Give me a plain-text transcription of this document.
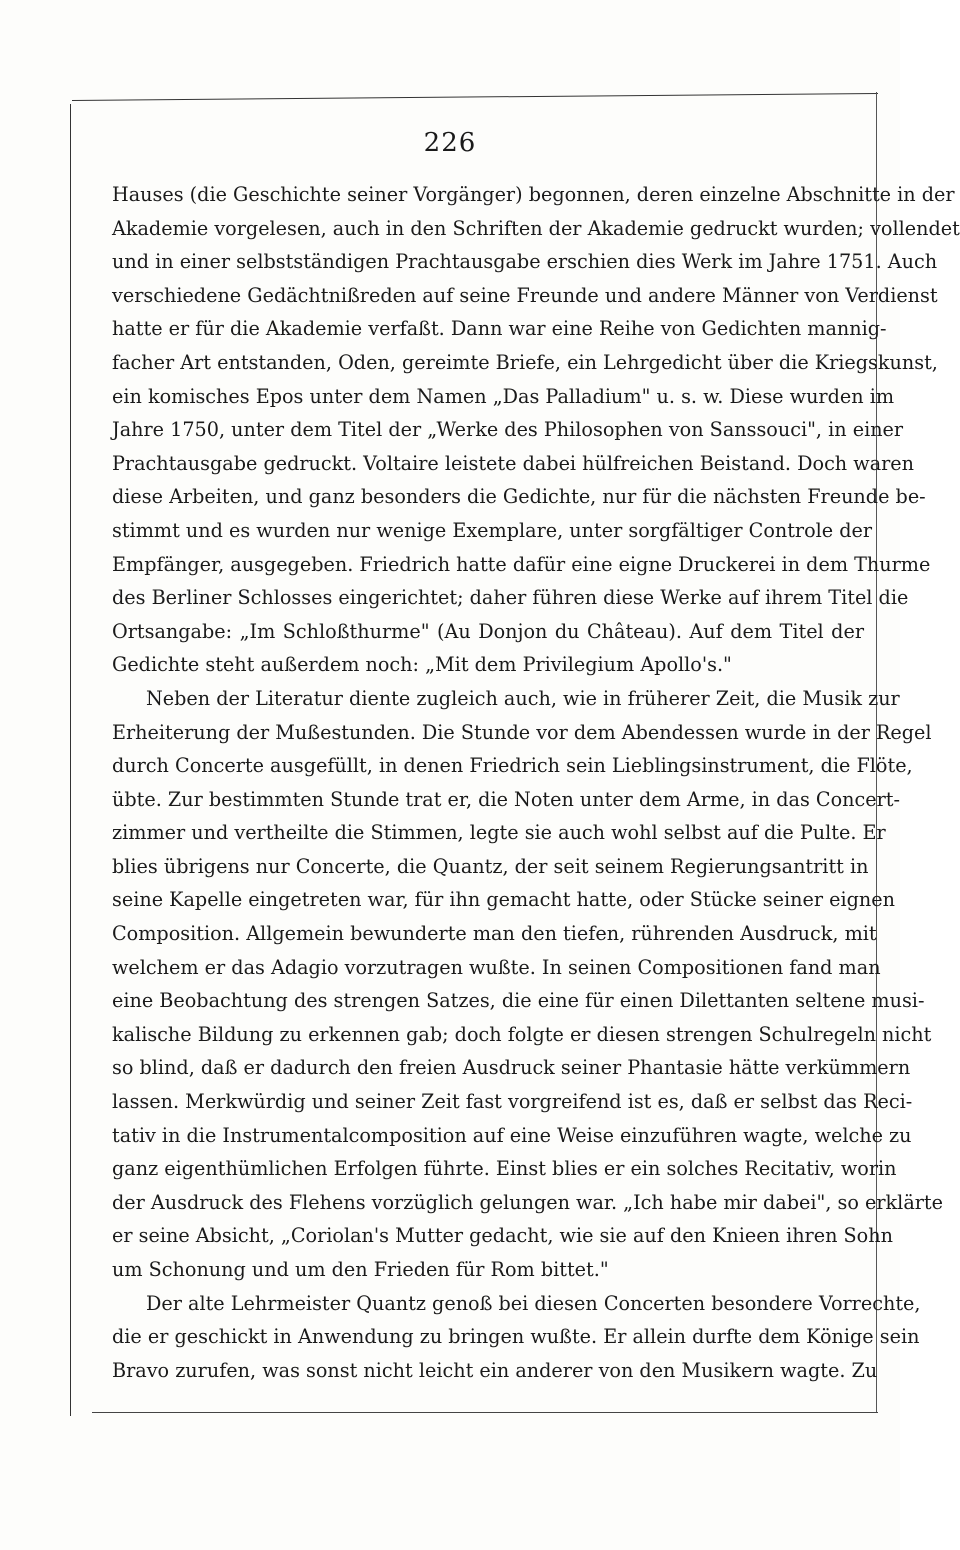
226
Hauses (die Geschichte seiner Vorgänger) begonnen, deren einzelne Abschnitte in der
Akademie vorgelesen, auch in den Schriften der Akademie gedruckt wurden; vollendet
und in einer selbstständigen Prachtausgabe erschien dies Werk im Jahre 1751. Auch
verschiedene Gedächtnißreden auf seine Freunde und andere Männer von Verdienst
hatte er für die Akademie verfaßt. Dann war eine Reihe von Gedichten mannig-
facher Art entstanden, Oden, gereimte Briefe, ein Lehrgedicht über die Kriegskunst,
ein komisches Epos unter dem Namen „Das Palladium" u. s. w. Diese wurden im
Jahre 1750, unter dem Titel der „Werke des Philosophen von Sanssouci", in einer
Prachtausgabe gedruckt. Voltaire leistete dabei hülfreichen Beistand. Doch waren
diese Arbeiten, und ganz besonders die Gedichte, nur für die nächsten Freunde be-
stimmt und es wurden nur wenige Exemplare, unter sorgfältiger Controle der
Empfänger, ausgegeben. Friedrich hatte dafür eine eigne Druckerei in dem Thurme
des Berliner Schlosses eingerichtet; daher führen diese Werke auf ihrem Titel die
Ortsangabe: „Im Schloßthurme" (Au Donjon du Château). Auf dem Titel der
Gedichte steht außerdem noch: „Mit dem Privilegium Apollo's."
Neben der Literatur diente zugleich auch, wie in früherer Zeit, die Musik zur
Erheiterung der Mußestunden. Die Stunde vor dem Abendessen wurde in der Regel
durch Concerte ausgefüllt, in denen Friedrich sein Lieblingsinstrument, die Flöte,
übte. Zur bestimmten Stunde trat er, die Noten unter dem Arme, in das Concert-
zimmer und vertheilte die Stimmen, legte sie auch wohl selbst auf die Pulte. Er
blies übrigens nur Concerte, die Quantz, der seit seinem Regierungsantritt in
seine Kapelle eingetreten war, für ihn gemacht hatte, oder Stücke seiner eignen
Composition. Allgemein bewunderte man den tiefen, rührenden Ausdruck, mit
welchem er das Adagio vorzutragen wußte. In seinen Compositionen fand man
eine Beobachtung des strengen Satzes, die eine für einen Dilettanten seltene musi-
kalische Bildung zu erkennen gab; doch folgte er diesen strengen Schulregeln nicht
so blind, daß er dadurch den freien Ausdruck seiner Phantasie hätte verkümmern
lassen. Merkwürdig und seiner Zeit fast vorgreifend ist es, daß er selbst das Reci-
tativ in die Instrumentalcomposition auf eine Weise einzuführen wagte, welche zu
ganz eigenthümlichen Erfolgen führte. Einst blies er ein solches Recitativ, worin
der Ausdruck des Flehens vorzüglich gelungen war. „Ich habe mir dabei", so erklärte
er seine Absicht, „Coriolan's Mutter gedacht, wie sie auf den Knieen ihren Sohn
um Schonung und um den Frieden für Rom bittet."
Der alte Lehrmeister Quantz genoß bei diesen Concerten besondere Vorrechte,
die er geschickt in Anwendung zu bringen wußte. Er allein durfte dem Könige sein
Bravo zurufen, was sonst nicht leicht ein anderer von den Musikern wagte. Zu
